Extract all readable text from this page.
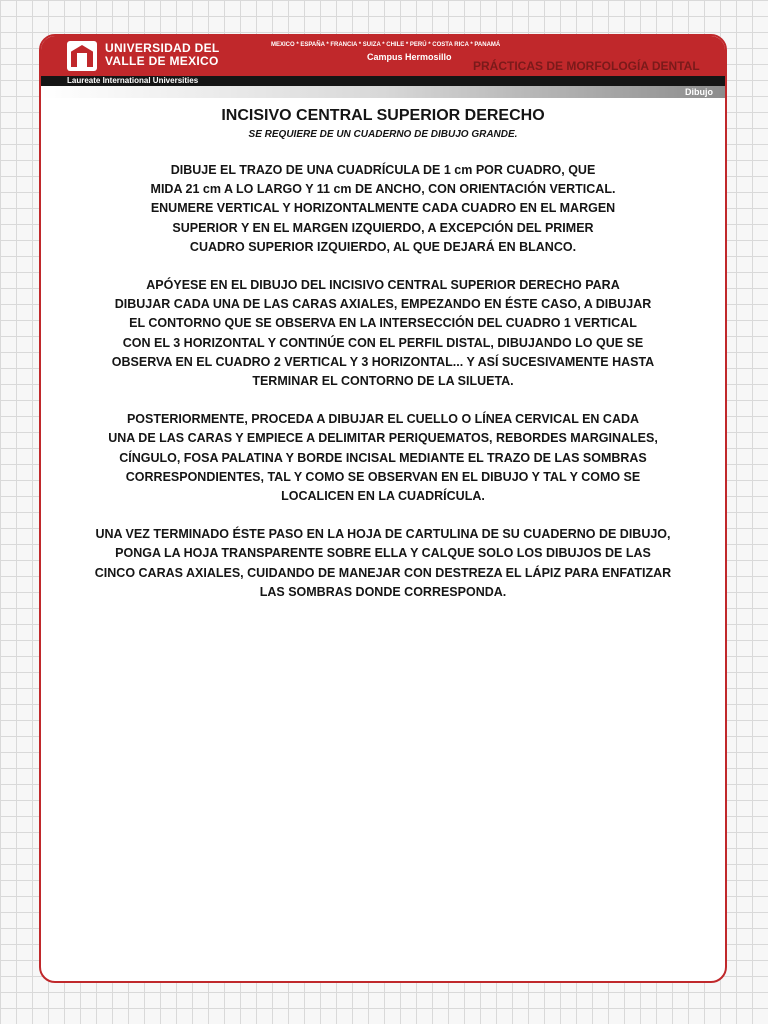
UNIVERSIDAD DEL
VALLE DE MEXICO
MEXICO * ESPAÑA * FRANCIA * SUIZA * CHILE * PERÚ * COSTA RICA * PANAMÁ
Campus Hermosillo
PRÁCTICAS DE MORFOLOGÍA DENTAL
Laureate International Universities
Dibujo
INCISIVO CENTRAL SUPERIOR DERECHO

SE REQUIERE DE UN CUADERNO DE DIBUJO GRANDE.

DIBUJE EL TRAZO DE UNA CUADRÍCULA DE 1 cm POR CUADRO, QUE
MIDA 21 cm A LO LARGO Y 11 cm DE ANCHO, CON ORIENTACIÓN VERTICAL.
ENUMERE VERTICAL Y HORIZONTALMENTE CADA CUADRO EN EL MARGEN
SUPERIOR Y EN EL MARGEN IZQUIERDO, A EXCEPCIÓN DEL PRIMER
CUADRO SUPERIOR IZQUIERDO, AL QUE DEJARÁ EN BLANCO.

APÓYESE EN EL DIBUJO DEL INCISIVO CENTRAL SUPERIOR DERECHO PARA
DIBUJAR CADA UNA DE LAS CARAS AXIALES, EMPEZANDO EN ÉSTE CASO, A DIBUJAR
EL CONTORNO QUE SE OBSERVA EN LA INTERSECCIÓN DEL CUADRO 1 VERTICAL
CON EL 3 HORIZONTAL Y CONTINÚE CON EL PERFIL DISTAL, DIBUJANDO LO QUE SE
OBSERVA EN EL CUADRO 2 VERTICAL Y 3 HORIZONTAL... Y ASÍ SUCESIVAMENTE HASTA
TERMINAR EL CONTORNO DE LA SILUETA.

POSTERIORMENTE, PROCEDA A DIBUJAR EL CUELLO O LÍNEA CERVICAL EN CADA
UNA DE LAS CARAS Y EMPIECE A DELIMITAR PERIQUEMATOS, REBORDES MARGINALES,
CÍNGULO, FOSA PALATINA Y BORDE INCISAL MEDIANTE EL TRAZO DE LAS SOMBRAS
CORRESPONDIENTES, TAL Y COMO SE OBSERVAN EN EL DIBUJO Y TAL Y COMO SE
LOCALICEN EN LA CUADRÍCULA.

UNA VEZ TERMINADO ÉSTE PASO EN LA HOJA DE CARTULINA DE SU CUADERNO DE DIBUJO,
PONGA LA HOJA TRANSPARENTE SOBRE ELLA Y CALQUE SOLO LOS DIBUJOS DE LAS
CINCO CARAS AXIALES, CUIDANDO DE MANEJAR CON DESTREZA EL LÁPIZ PARA ENFATIZAR
LAS SOMBRAS DONDE CORRESPONDA.
